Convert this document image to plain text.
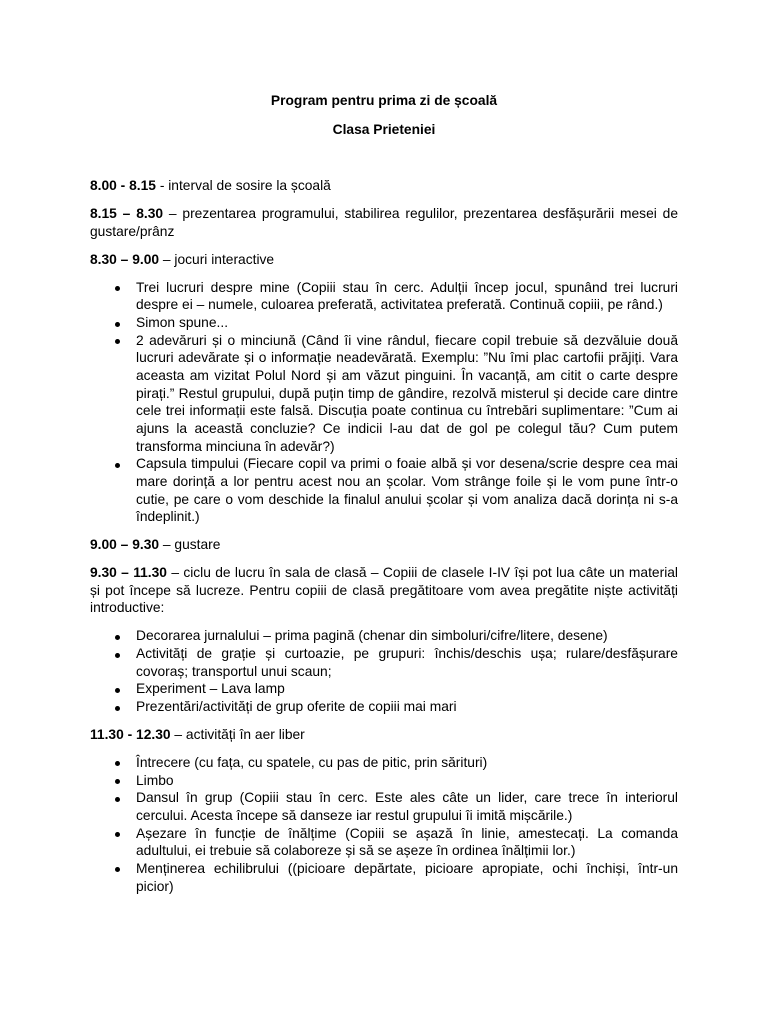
Program pentru prima zi de școală

Clasa Prieteniei

8.00 - 8.15 - interval de sosire la școală

8.15 – 8.30 – prezentarea programului, stabilirea regulilor, prezentarea desfășurării mesei de gustare/prânz

8.30 – 9.00 – jocuri interactive

Trei lucruri despre mine (Copiii stau în cerc. Adulții încep jocul, spunând trei lucruri despre ei – numele, culoarea preferată, activitatea preferată. Continuă copiii, pe rând.)
Simon spune...
2 adevăruri și o minciună (Când îi vine rândul, fiecare copil trebuie să dezvăluie două lucruri adevărate și o informație neadevărată. Exemplu: ”Nu îmi plac cartofii prăjiți. Vara aceasta am vizitat Polul Nord și am văzut pinguini. În vacanță, am citit o carte despre pirați.” Restul grupului, după puțin timp de gândire, rezolvă misterul și decide care dintre cele trei informații este falsă. Discuția poate continua cu întrebări suplimentare: ”Cum ai ajuns la această concluzie? Ce indicii l-au dat de gol pe colegul tău? Cum putem transforma minciuna în adevăr?)
Capsula timpului (Fiecare copil va primi o foaie albă și vor desena/scrie despre cea mai mare dorință a lor pentru acest nou an școlar. Vom strânge foile și le vom pune într-o cutie, pe care o vom deschide la finalul anului școlar și vom analiza dacă dorința ni s-a îndeplinit.)

9.00 – 9.30 – gustare

9.30 – 11.30 – ciclu de lucru în sala de clasă – Copiii de clasele I-IV își pot lua câte un material și pot începe să lucreze. Pentru copiii de clasă pregătitoare vom avea pregătite niște activități introductive:

Decorarea jurnalului – prima pagină (chenar din simboluri/cifre/litere, desene)
Activități de grație și curtoazie, pe grupuri: închis/deschis ușa; rulare/desfășurare covoraș; transportul unui scaun;
Experiment – Lava lamp
Prezentări/activități de grup oferite de copiii mai mari

11.30 - 12.30 – activități în aer liber

Întrecere (cu fața, cu spatele, cu pas de pitic, prin sărituri)
Limbo
Dansul în grup (Copiii stau în cerc. Este ales câte un lider, care trece în interiorul cercului. Acesta începe să danseze iar restul grupului îi imită mișcările.)
Așezare în funcție de înălțime (Copiii se așază în linie, amestecați. La comanda adultului, ei trebuie să colaboreze și să se așeze în ordinea înălțimii lor.)
Menținerea echilibrului ((picioare depărtate, picioare apropiate, ochi închiși, într-un picior)
